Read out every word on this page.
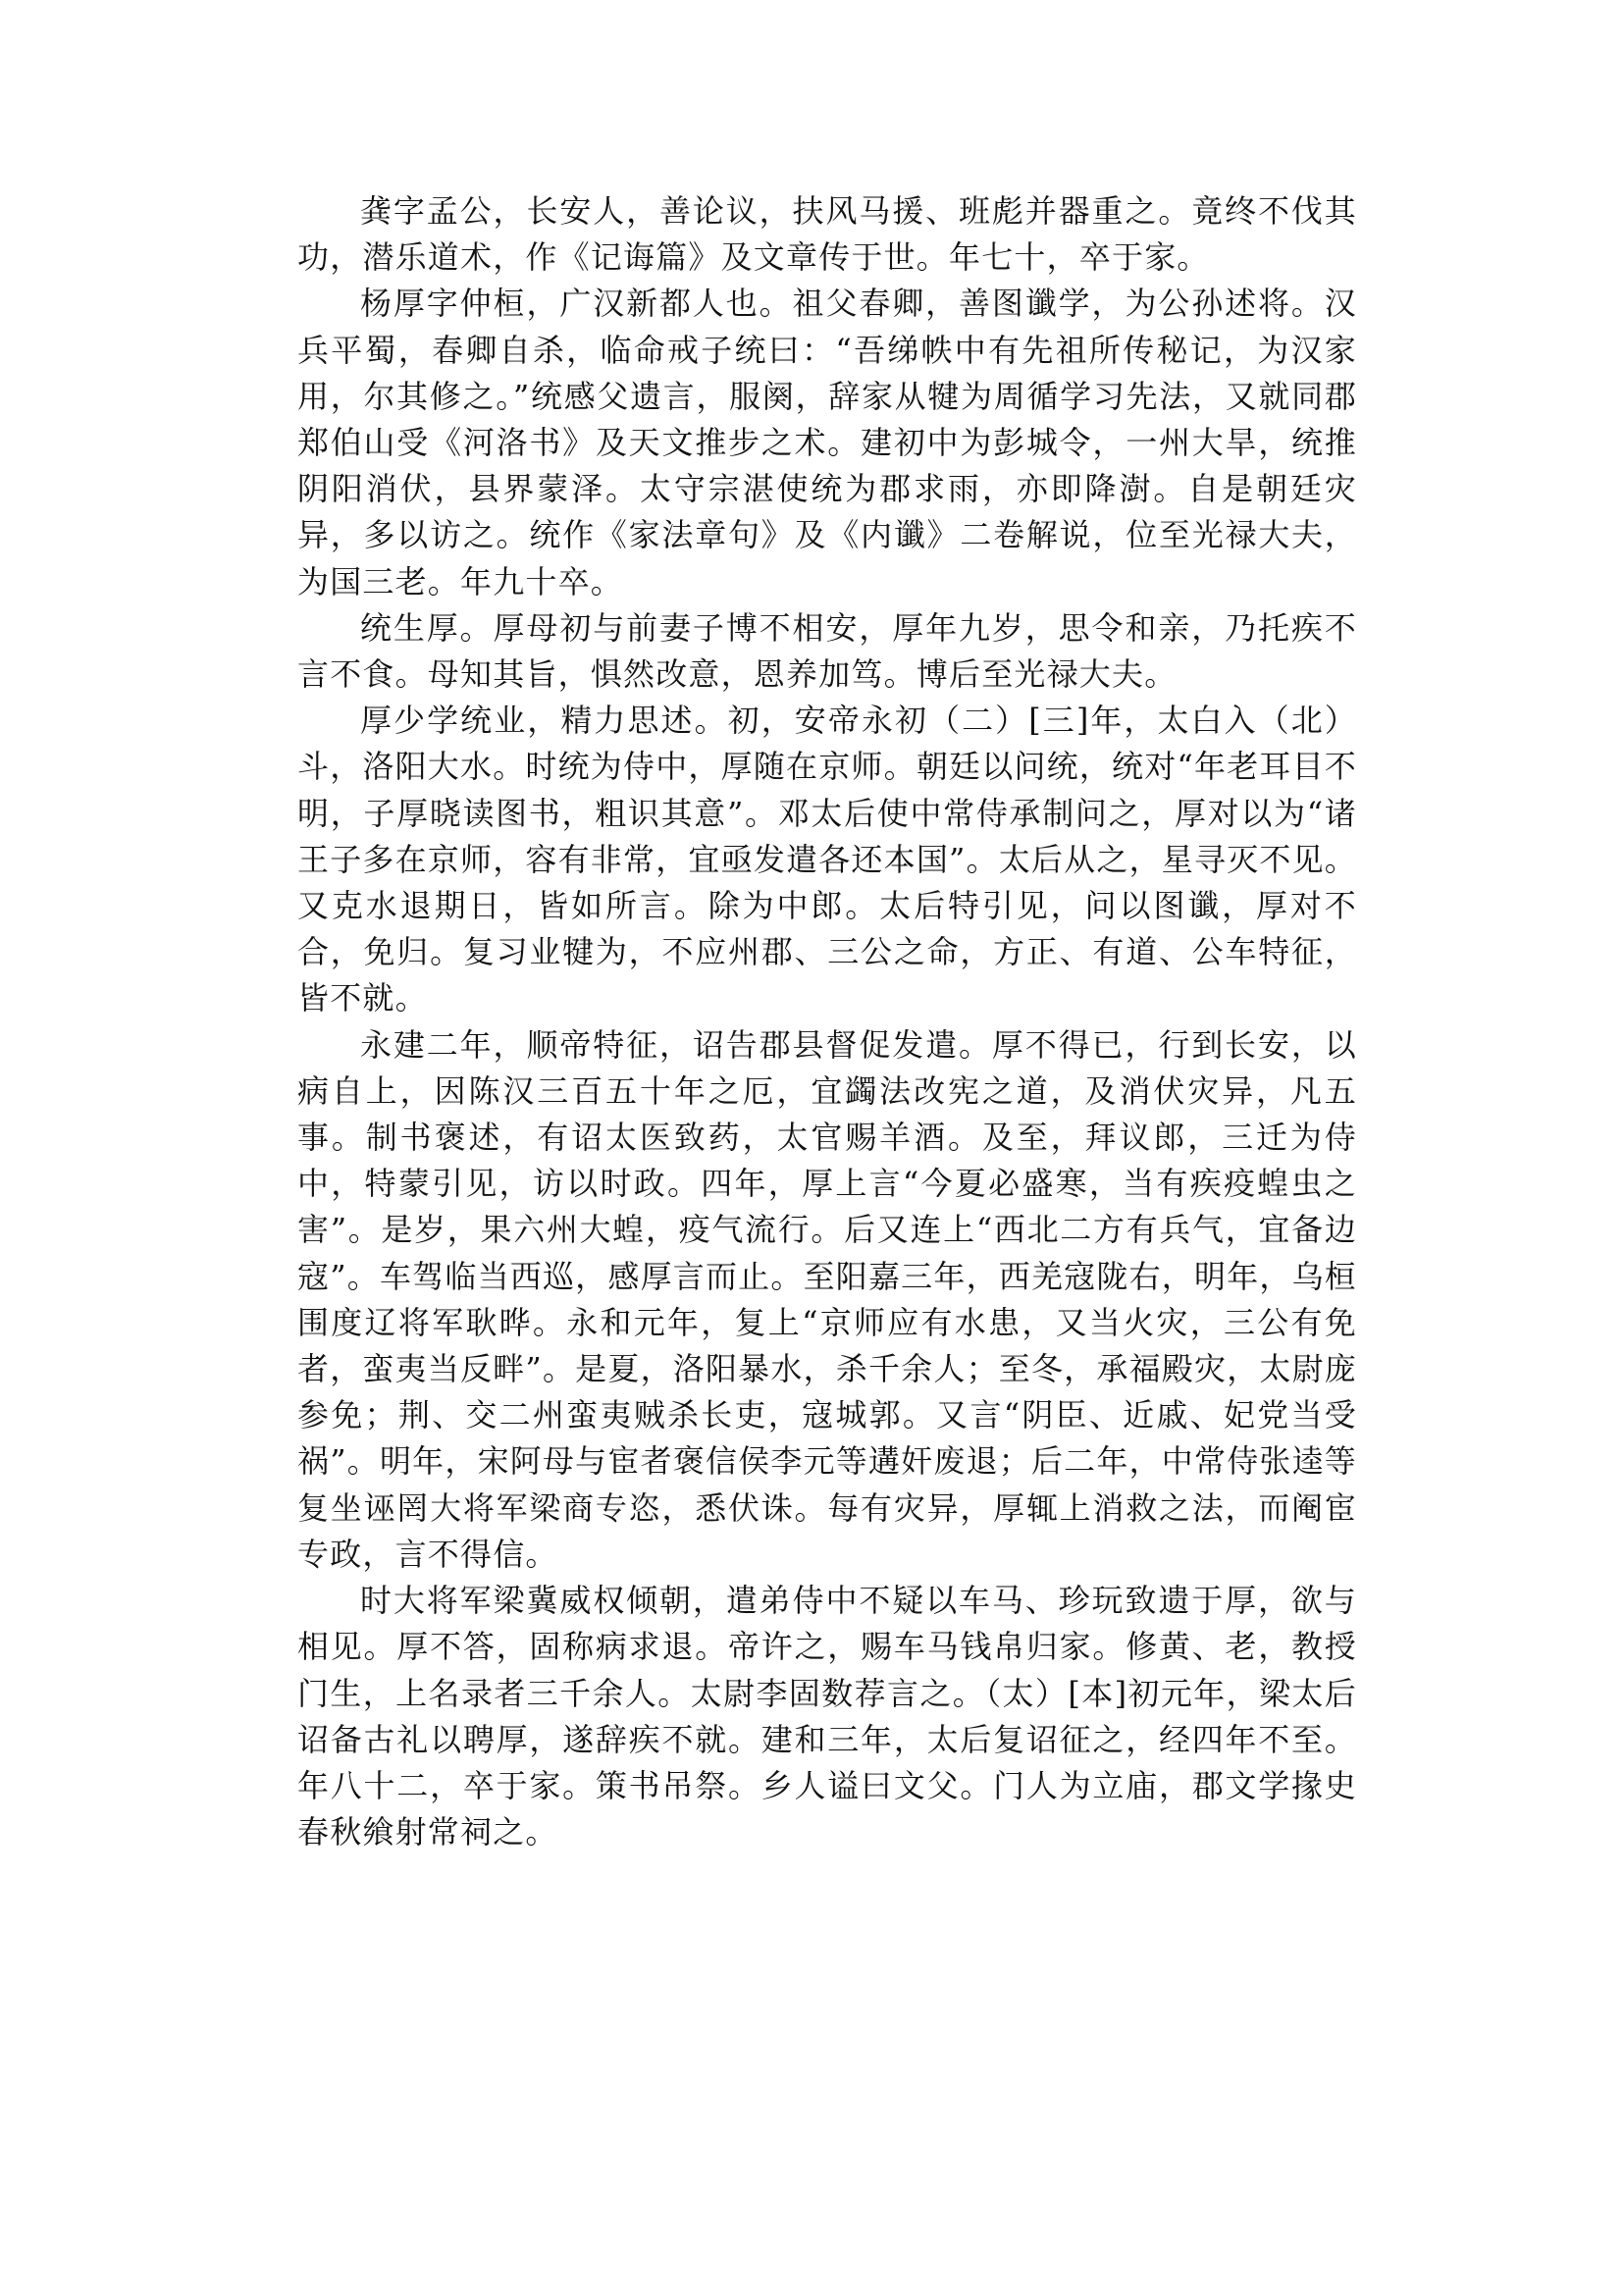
龚字孟公，长安人，善论议，扶风马援、班彪并器重之。竟终不伐其功，潜乐道术，作《记诲篇》及文章传于世。年七十，卒于家。

杨厚字仲桓，广汉新都人也。祖父春卿，善图谶学，为公孙述将。汉兵平蜀，春卿自杀，临命戒子统曰：“吾绨帙中有先祖所传秘记，为汉家用，尔其修之。”统感父遗言，服阕，辞家从犍为周循学习先法，又就同郡郑伯山受《河洛书》及天文推步之术。建初中为彭城令，一州大旱，统推阴阳消伏，县界蒙泽。太守宗湛使统为郡求雨，亦即降澍。自是朝廷灾异，多以访之。统作《家法章句》及《内谶》二卷解说，位至光禄大夫，为国三老。年九十卒。

统生厚。厚母初与前妻子博不相安，厚年九岁，思令和亲，乃托疾不言不食。母知其旨，惧然改意，恩养加笃。博后至光禄大夫。

厚少学统业，精力思述。初，安帝永初（二）[三]年，太白入（北）斗，洛阳大水。时统为侍中，厚随在京师。朝廷以问统，统对“年老耳目不明，子厚晓读图书，粗识其意”。邓太后使中常侍承制问之，厚对以为“诸王子多在京师，容有非常，宜亟发遣各还本国”。太后从之，星寻灭不见。又克水退期日，皆如所言。除为中郎。太后特引见，问以图谶，厚对不合，免归。复习业犍为，不应州郡、三公之命，方正、有道、公车特征，皆不就。

永建二年，顺帝特征，诏告郡县督促发遣。厚不得已，行到长安，以病自上，因陈汉三百五十年之厄，宜蠲法改宪之道，及消伏灾异，凡五事。制书褒述，有诏太医致药，太官赐羊酒。及至，拜议郎，三迁为侍中，特蒙引见，访以时政。四年，厚上言“今夏必盛寒，当有疾疫蝗虫之害”。是岁，果六州大蝗，疫气流行。后又连上“西北二方有兵气，宜备边寇”。车驾临当西巡，感厚言而止。至阳嘉三年，西羌寇陇右，明年，乌桓围度辽将军耿晔。永和元年，复上“京师应有水患，又当火灾，三公有免者，蛮夷当反畔”。是夏，洛阳暴水，杀千余人；至冬，承福殿灾，太尉庞参免；荆、交二州蛮夷贼杀长吏，寇城郭。又言“阴臣、近戚、妃党当受祸”。明年，宋阿母与宦者褒信侯李元等遘奸废退；后二年，中常侍张逵等复坐诬罔大将军梁商专恣，悉伏诛。每有灾异，厚辄上消救之法，而阉宦专政，言不得信。

时大将军梁冀威权倾朝，遣弟侍中不疑以车马、珍玩致遗于厚，欲与相见。厚不答，固称病求退。帝许之，赐车马钱帛归家。修黄、老，教授门生，上名录者三千余人。太尉李固数荐言之。（太）[本]初元年，梁太后诏备古礼以聘厚，遂辞疾不就。建和三年，太后复诏征之，经四年不至。年八十二，卒于家。策书吊祭。乡人谥曰文父。门人为立庙，郡文学掾史春秋飨射常祠之。
